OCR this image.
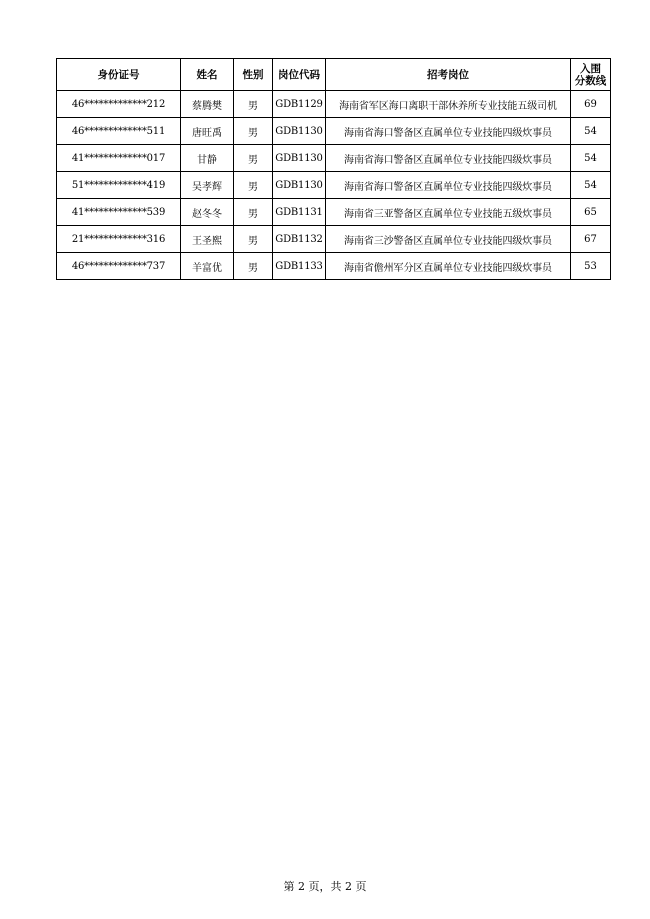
身份证号	姓名	性别	岗位代码	招考岗位	入围
分数线

46*************212	蔡腾樊	男	GDB1129	海南省军区海口离职干部休养所专业技能五级司机	69
46*************511	唐旺禹	男	GDB1130	海南省海口警备区直属单位专业技能四级炊事员	54
41*************017	甘静	男	GDB1130	海南省海口警备区直属单位专业技能四级炊事员	54
51*************419	吴孝辉	男	GDB1130	海南省海口警备区直属单位专业技能四级炊事员	54
41*************539	赵冬冬	男	GDB1131	海南省三亚警备区直属单位专业技能五级炊事员	65
21*************316	王圣熙	男	GDB1132	海南省三沙警备区直属单位专业技能四级炊事员	67
46*************737	羊富优	男	GDB1133	海南省儋州军分区直属单位专业技能四级炊事员	53
第 2 页，共 2 页
